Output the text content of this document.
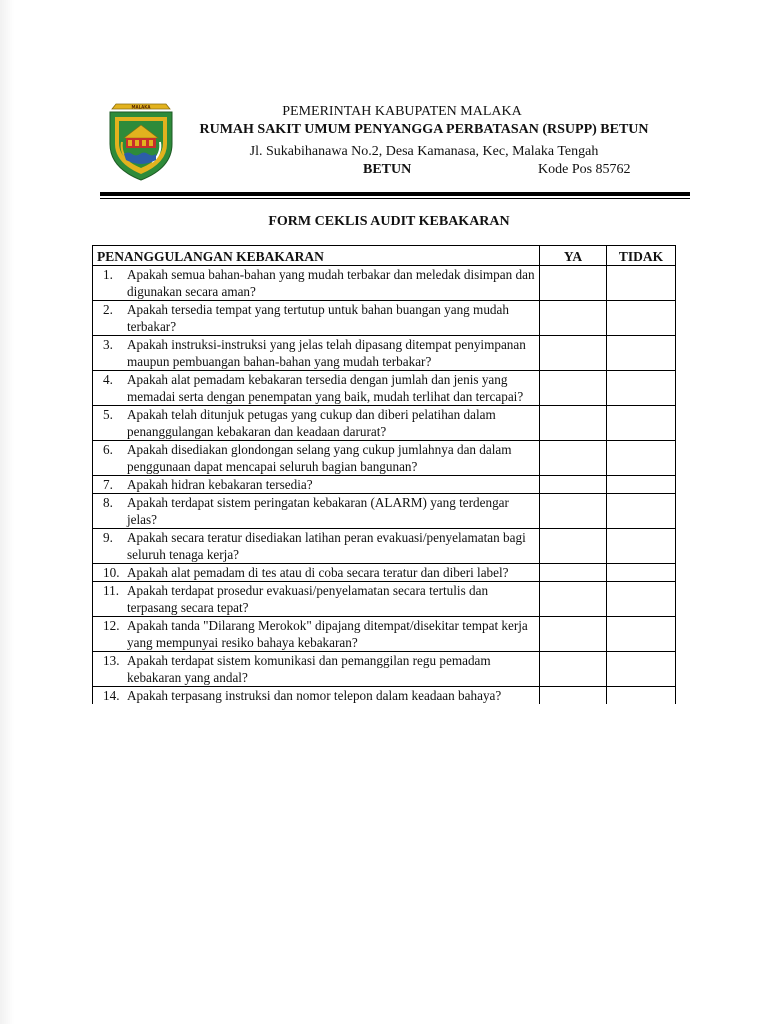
MALAKA	PEMERINTAH KABUPATEN MALAKA
RUMAH SAKIT UMUM PENYANGGA PERBATASAN (RSUPP) BETUN
Jl. Sukabihanawa No.2, Desa Kamanasa, Kec, Malaka Tengah
BETUN	Kode Pos 85762
FORM CEKLIS AUDIT KEBAKARAN
PENANGGULANGAN KEBAKARAN	YA	TIDAK

1. Apakah semua bahan-bahan yang mudah terbakar dan meledak disimpan dan digunakan secara aman?		

2. Apakah tersedia tempat yang tertutup untuk bahan buangan yang mudah terbakar?		

3. Apakah instruksi-instruksi yang jelas telah dipasang ditempat penyimpanan maupun pembuangan bahan-bahan yang mudah terbakar?		

4. Apakah alat pemadam kebakaran tersedia dengan jumlah dan jenis yang memadai serta dengan penempatan yang baik, mudah terlihat dan tercapai?		

5. Apakah telah ditunjuk petugas yang cukup dan diberi pelatihan dalam penanggulangan kebakaran dan keadaan darurat?		

6. Apakah disediakan glondongan selang yang cukup jumlahnya dan dalam penggunaan dapat mencapai seluruh bagian bangunan?		

7. Apakah hidran kebakaran tersedia?		

8. Apakah terdapat sistem peringatan kebakaran (ALARM) yang terdengar jelas?		

9. Apakah secara teratur disediakan latihan peran evakuasi/penyelamatan bagi seluruh tenaga kerja?		

10. Apakah alat pemadam di tes atau di coba secara teratur dan diberi label?		

11. Apakah terdapat prosedur evakuasi/penyelamatan secara tertulis dan terpasang secara tepat?		

12. Apakah tanda "Dilarang Merokok" dipajang ditempat/disekitar tempat kerja yang mempunyai resiko bahaya kebakaran?		

13. Apakah terdapat sistem komunikasi dan pemanggilan regu pemadam kebakaran yang andal?		

14. Apakah terpasang instruksi dan nomor telepon dalam keadaan bahaya?		
